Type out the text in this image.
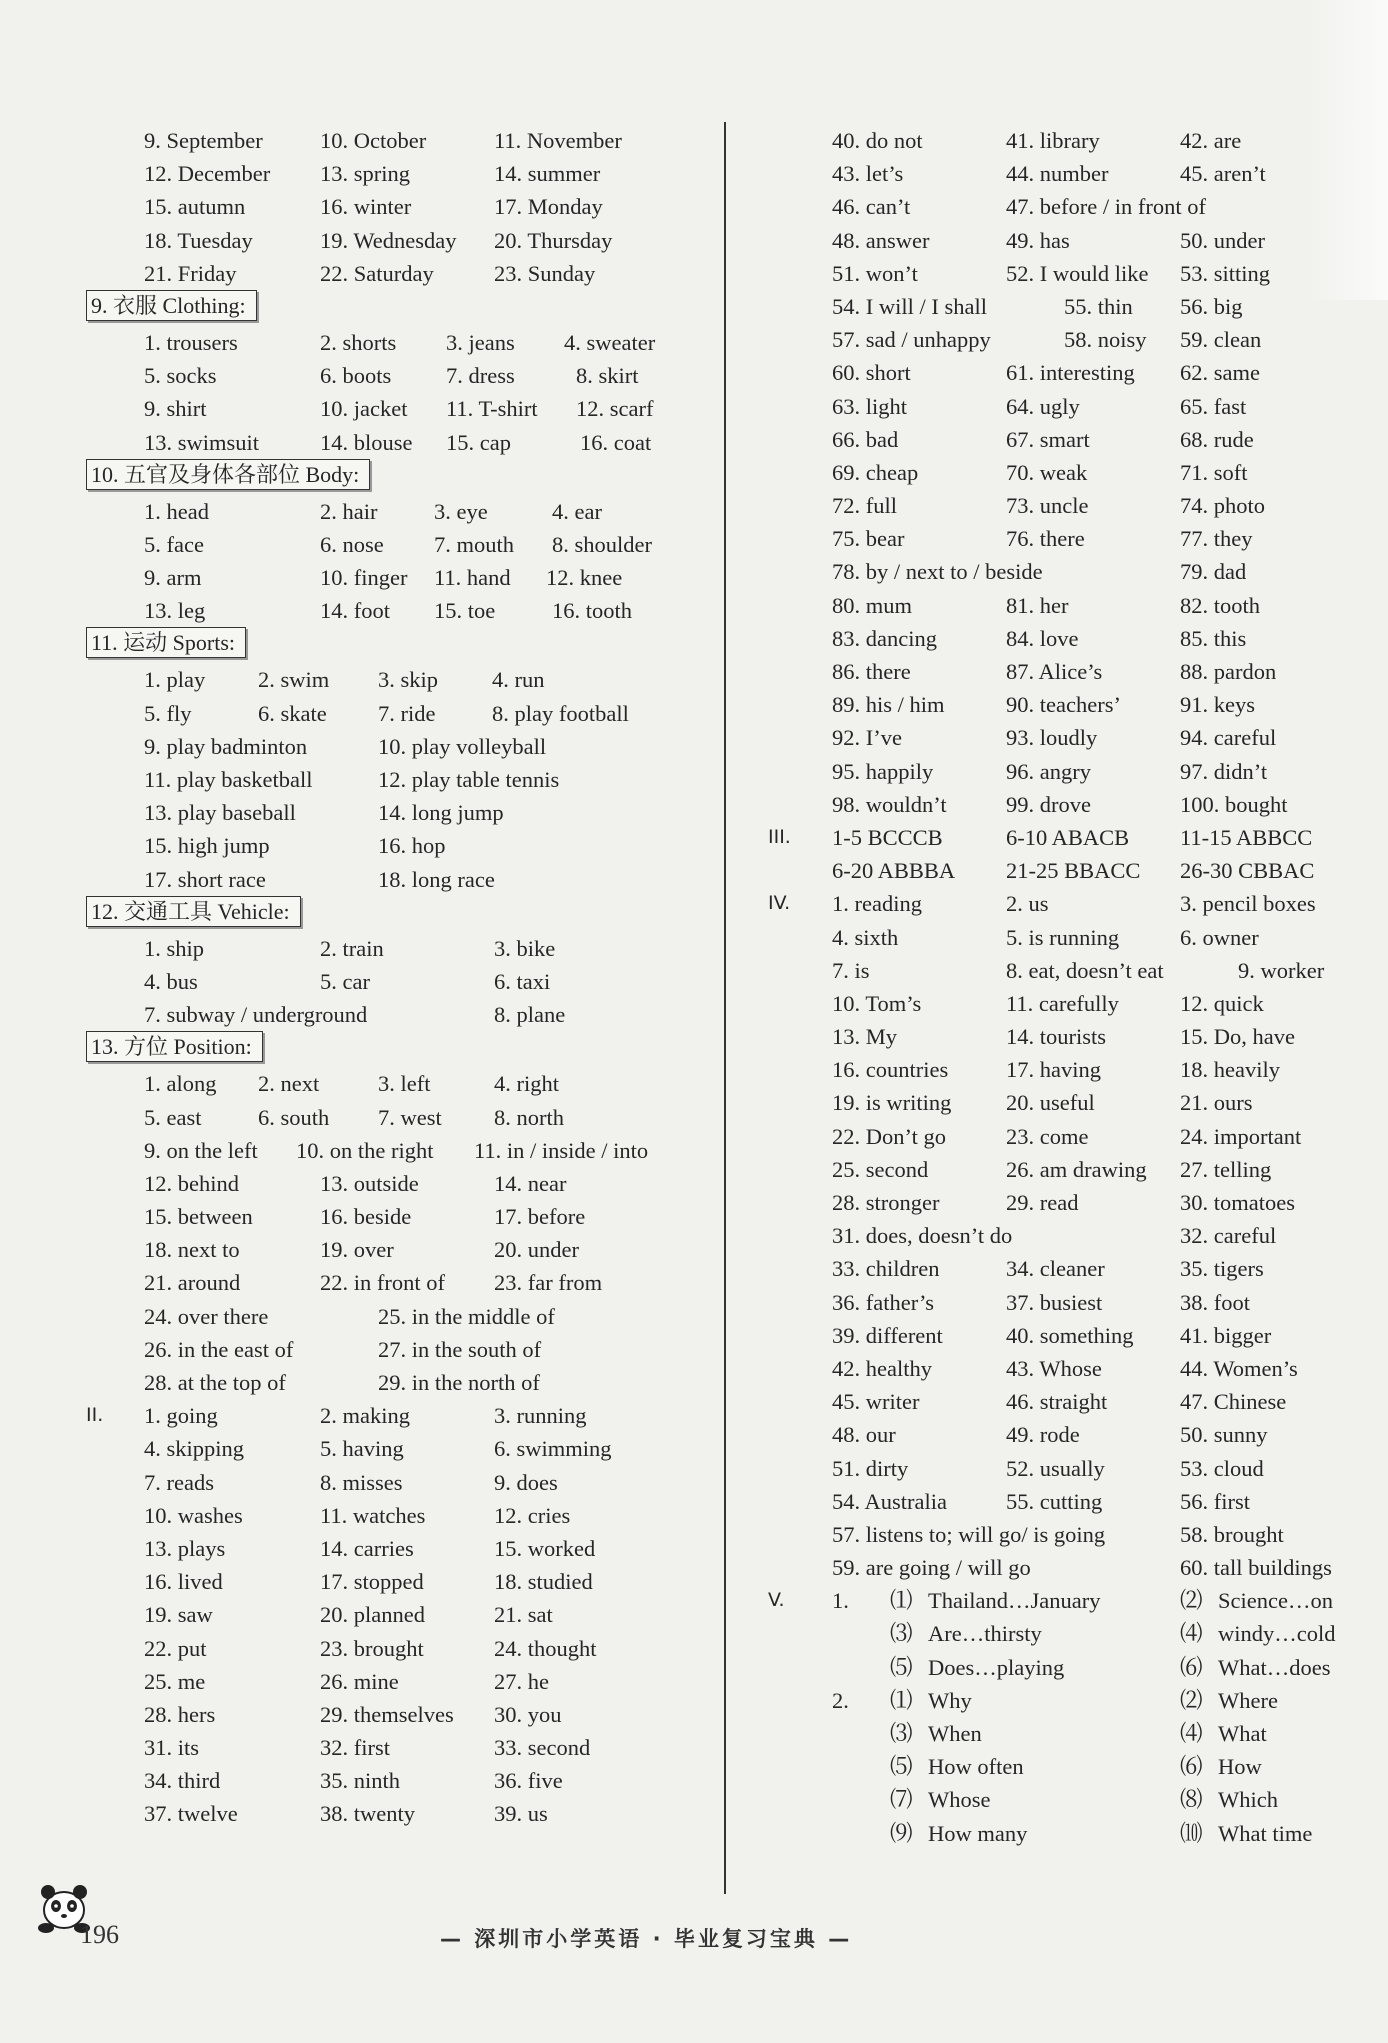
9. September	10. October	11. November
12. December 13. spring	14. summer
15. autumn	16. winter	17. Monday
18. Tuesday	19. Wednesday 20. Thursday
21. Friday	22. Saturday	23. Sunday
9. 衣服 Clothing:
1. trousers	2. shorts 3. jeans 4. sweater
5. socks	6. boots 7. dress	8. skirt
9. shirt	10. jacket 11. T-shirt 12. scarf
13. swimsuit	14. blouse 15. cap	16. coat
10. 五官及身体各部位 Body:
1. head	2. hair	3. eye	4. ear
5. face	6. nose 7. mouth 8. shoulder
9. arm	10. finger 11. hand 12. knee
13. leg	14. foot 15. toe	16. tooth
11. 运动 Sports:
1. play 2. swim 3. skip 4. run
5. fly	6. skate 7. ride	8. play football
9. play badminton	10. play volleyball
11. play basketball	12. play table tennis
13. play baseball	14. long jump
15. high jump	16. hop
17. short race	18. long race
12. 交通工具 Vehicle:
1. ship	2. train	3. bike
4. bus	5. car	6. taxi
7. subway / underground	8. plane
13. 方位 Position:
1. along 2. next	3. left	4. right
5. east	6. south 7. west 8. north
9. on the left 10. on the right 11. in / inside / into
12. behind	13. outside	14. near
15. between	16. beside	17. before
18. next to	19. over	20. under
21. around	22. in front of 23. far from
24. over there	25. in the middle of
26. in the east of	27. in the south of
28. at the top of	29. in the north of
II. 1. going	2. making	3. running
4. skipping	5. having	6. swimming
7. reads	8. misses	9. does
10. washes	11. watches	12. cries
13. plays	14. carries	15. worked
16. lived	17. stopped	18. studied
19. saw	20. planned	21. sat
22. put	23. brought	24. thought
25. me	26. mine	27. he
28. hers	29. themselves 30. you
31. its	32. first	33. second
34. third	35. ninth	36. five
37. twelve	38. twenty	39. us
40. do not	41. library	42. are
43. let’s	44. number	45. aren’t
46. can’t	47. before / in front of
48. answer	49. has	50. under
51. won’t	52. I would like 53. sitting
54. I will / I shall	55. thin 56. big
57. sad / unhappy	58. noisy 59. clean
60. short	61. interesting 62. same
63. light	64. ugly	65. fast
66. bad	67. smart	68. rude
69. cheap	70. weak	71. soft
72. full	73. uncle	74. photo
75. bear	76. there	77. they
78. by / next to / beside	79. dad
80. mum	81. her	82. tooth
83. dancing	84. love	85. this
86. there	87. Alice’s	88. pardon
89. his / him	90. teachers’	91. keys
92. I’ve	93. loudly	94. careful
95. happily	96. angry	97. didn’t
98. wouldn’t	99. drove	100. bought
III. 1-5 BCCCB	6-10 ABACB 11-15 ABBCC
6-20 ABBBA 21-25 BBACC 26-30 CBBAC
IV. 1. reading	2. us	3. pencil boxes
4. sixth	5. is running	6. owner
7. is	8. eat, doesn’t eat	9. worker
10. Tom’s	11. carefully	12. quick
13. My	14. tourists	15. Do, have
16. countries	17. having	18. heavily
19. is writing 20. useful	21. ours
22. Don’t go	23. come	24. important
25. second	26. am drawing 27. telling
28. stronger	29. read	30. tomatoes
31. does, doesn’t do	32. careful
33. children	34. cleaner	35. tigers
36. father’s	37. busiest	38. foot
39. different	40. something 41. bigger
42. healthy	43. Whose	44. Women’s
45. writer	46. straight	47. Chinese
48. our	49. rode	50. sunny
51. dirty	52. usually	53. cloud
54. Australia	55. cutting	56. first
57. listens to; will go/ is going	58. brought
59. are going / will go	60. tall buildings
V. 1. ⑴ Thailand…January	⑵ Science…on
⑶ Are…thirsty	⑷ windy…cold
⑸ Does…playing	⑹ What…does
2. ⑴ Why	⑵ Where
⑶ When	⑷ What
⑸ How often	⑹ How
⑺ Whose	⑻ Which
⑼ How many	⑽ What time
196	— 深圳市小学英语 · 毕业复习宝典 —
